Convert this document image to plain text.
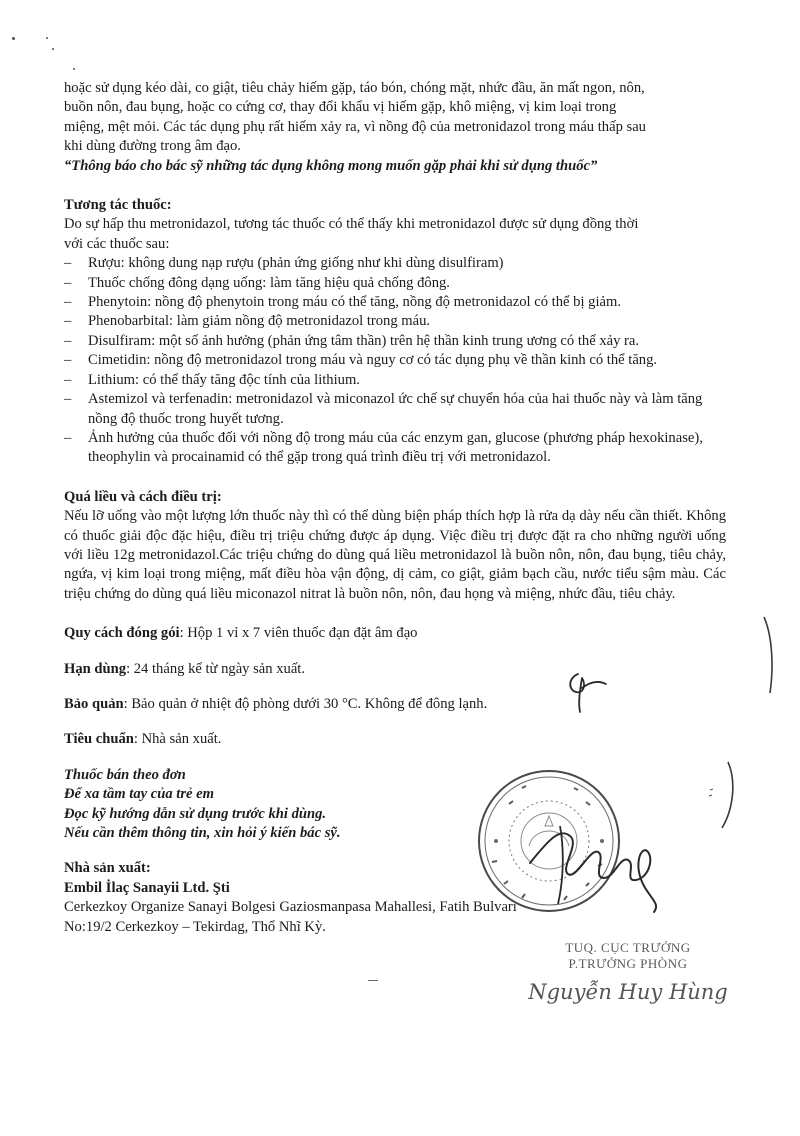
hoặc sử dụng kéo dài, co giật, tiêu chảy hiếm gặp, táo bón, chóng mặt, nhức đầu, ăn mất ngon, nôn,

buồn nôn, đau bụng, hoặc co cứng cơ, thay đổi khẩu vị hiếm gặp, khô miệng, vị kim loại trong

miệng, mệt mỏi. Các tác dụng phụ rất hiếm xảy ra, vì nồng độ của metronidazol trong máu thấp sau

khi dùng đường trong âm đạo.

“Thông báo cho bác sỹ những tác dụng không mong muốn gặp phải khi sử dụng thuốc”

Tương tác thuốc:

Do sự hấp thu metronidazol, tương tác thuốc có thể thấy khi metronidazol được sử dụng đồng thời

với các thuốc sau:

– Rượu: không dung nạp rượu (phản ứng giống như khi dùng disulfiram)
– Thuốc chống đông dạng uống: làm tăng hiệu quả chống đông.
– Phenytoin: nồng độ phenytoin trong máu có thể tăng, nồng độ metronidazol có thể bị giảm.
– Phenobarbital: làm giảm nồng độ metronidazol trong máu.
– Disulfiram: một số ảnh hưởng (phản ứng tâm thần) trên hệ thần kinh trung ương có thể xảy ra.
– Cimetidin: nồng độ metronidazol trong máu và nguy cơ có tác dụng phụ về thần kinh có thể tăng.
– Lithium: có thể thấy tăng độc tính của lithium.
– Astemizol và terfenadin: metronidazol và miconazol ức chế sự chuyển hóa của hai thuốc này và làm tăng nồng độ thuốc trong huyết tương.
– Ảnh hưởng của thuốc đối với nồng độ trong máu của các enzym gan, glucose (phương pháp hexokinase), theophylin và procainamid có thể gặp trong quá trình điều trị với metronidazol.

Quá liều và cách điều trị:

Nếu lỡ uống vào một lượng lớn thuốc này thì có thể dùng biện pháp thích hợp là rửa dạ dày nếu cần thiết. Không có thuốc giải độc đặc hiệu, điều trị triệu chứng được áp dụng. Việc điều trị được đặt ra cho những người uống với liều 12g metronidazol.Các triệu chứng do dùng quá liều metronidazol là buồn nôn, nôn, đau bụng, tiêu chảy, ngứa, vị kim loại trong miệng, mất điều hòa vận động, dị cảm, co giật, giảm bạch cầu, nước tiểu sậm màu. Các triệu chứng do dùng quá liều miconazol nitrat là buồn nôn, nôn, đau họng và miệng, nhức đầu, tiêu chảy.

Quy cách đóng gói: Hộp 1 vỉ x 7 viên thuốc đạn đặt âm đạo

Hạn dùng: 24 tháng kể từ ngày sản xuất.

Bảo quản: Bảo quản ở nhiệt độ phòng dưới 30 °C. Không để đông lạnh.

Tiêu chuẩn: Nhà sản xuất.

Thuốc bán theo đơn

Để xa tầm tay của trẻ em

Đọc kỹ hướng dẫn sử dụng trước khi dùng.

Nếu cần thêm thông tin, xin hỏi ý kiến bác sỹ.

Nhà sản xuất:

Embil İlaç Sanayii Ltd. Şti

Cerkezkoy Organize Sanayi Bolgesi Gaziosmanpasa Mahallesi, Fatih Bulvari

No:19/2 Cerkezkoy – Tekirdag, Thổ Nhĩ Kỳ.

TUQ. CỤC TRƯỞNG
P.TRƯỞNG PHÒNG
Nguyễn Huy Hùng
